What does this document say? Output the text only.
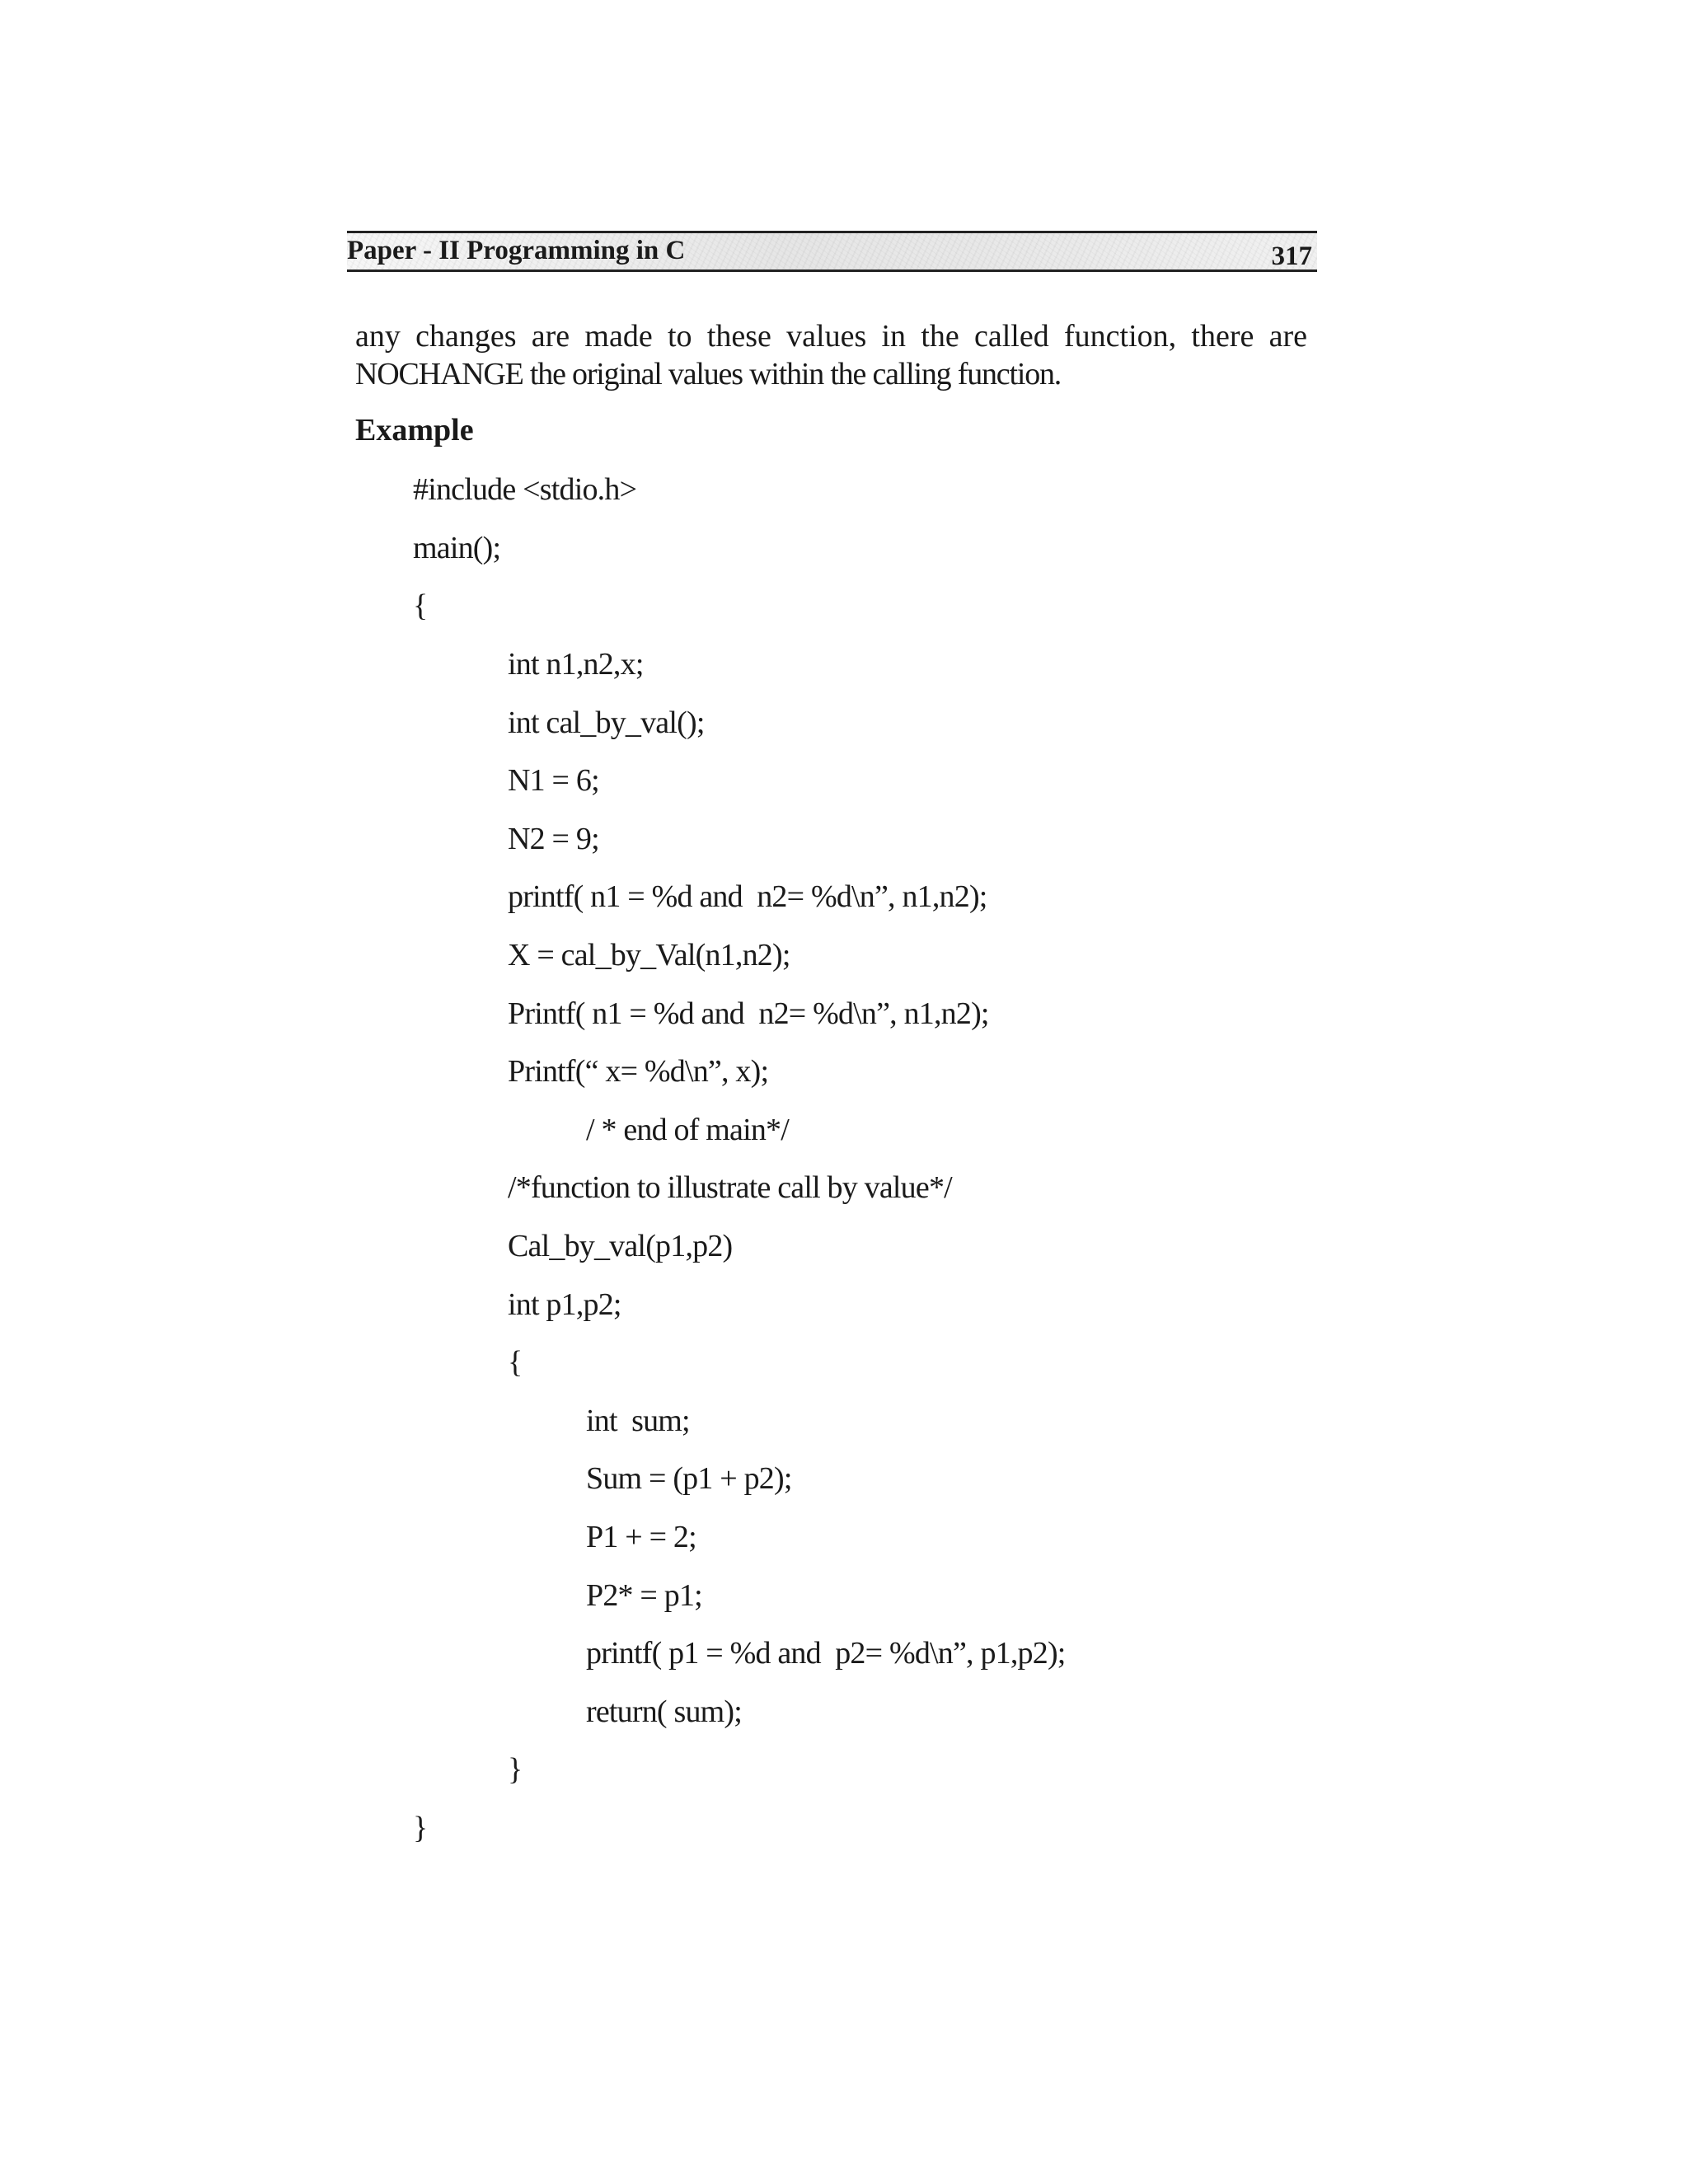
Paper - II Programming in C	317
any changes are made to these values in the called function, there are
NOCHANGE the original values within the calling function.
Example
#include <stdio.h>
main();
{
int n1,n2,x;
int cal_by_val();
N1 = 6;
N2 = 9;
printf( n1 = %d and  n2= %d\n”, n1,n2);
X = cal_by_Val(n1,n2);
Printf( n1 = %d and  n2= %d\n”, n1,n2);
Printf(“ x= %d\n”, x);
/ * end of main*/
/*function to illustrate call by value*/
Cal_by_val(p1,p2)
int p1,p2;
{
int  sum;
Sum = (p1 + p2);
P1 + = 2;
P2* = p1;
printf( p1 = %d and  p2= %d\n”, p1,p2);
return( sum);
}
}
